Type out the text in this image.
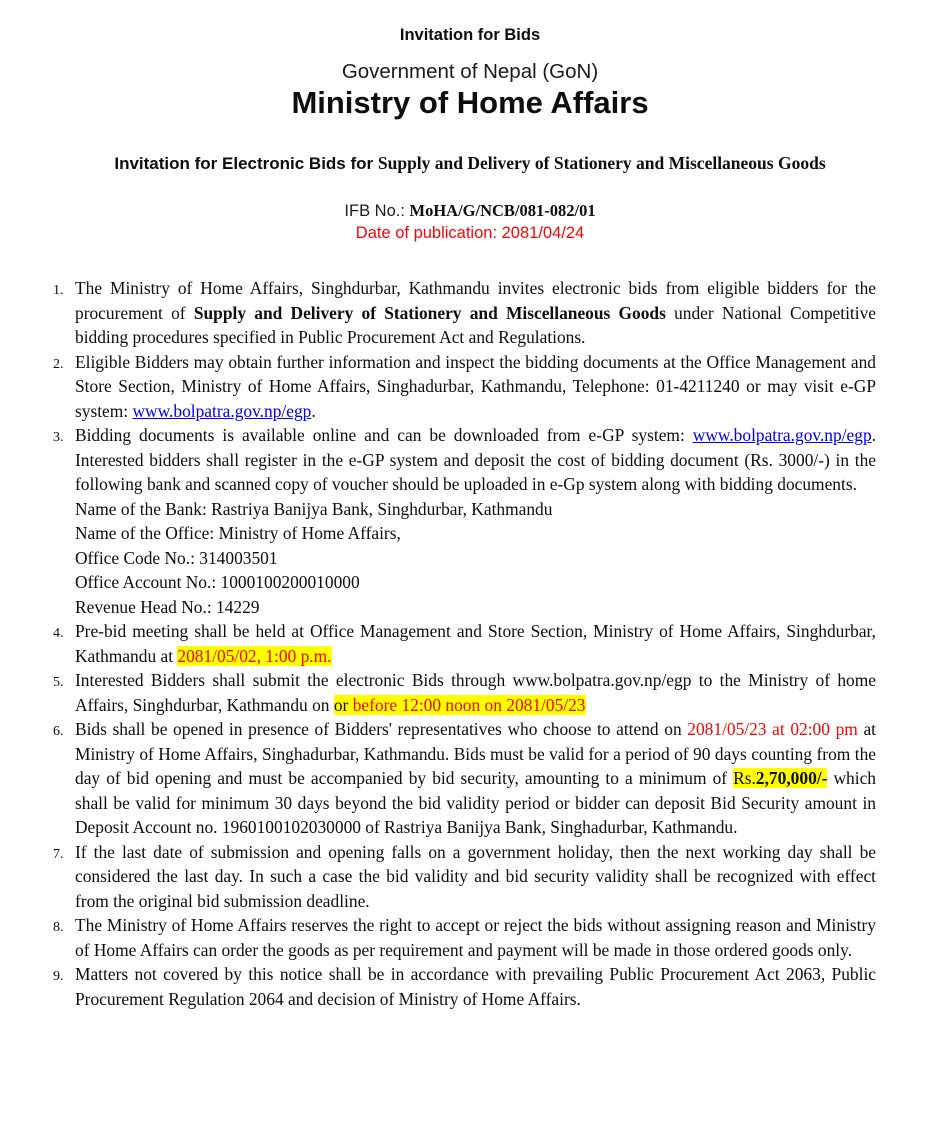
Invitation for Bids
Government of Nepal (GoN)
Ministry of Home Affairs
Invitation for Electronic Bids for Supply and Delivery of Stationery and Miscellaneous Goods
IFB No.: MoHA/G/NCB/081-082/01
Date of publication: 2081/04/24
1. The Ministry of Home Affairs, Singhdurbar, Kathmandu invites electronic bids from eligible bidders for the procurement of Supply and Delivery of Stationery and Miscellaneous Goods under National Competitive bidding procedures specified in Public Procurement Act and Regulations.
2. Eligible Bidders may obtain further information and inspect the bidding documents at the Office Management and Store Section, Ministry of Home Affairs, Singhadurbar, Kathmandu, Telephone: 01-4211240 or may visit e-GP system: www.bolpatra.gov.np/egp.
3. Bidding documents is available online and can be downloaded from e-GP system: www.bolpatra.gov.np/egp. Interested bidders shall register in the e-GP system and deposit the cost of bidding document (Rs. 3000/-) in the following bank and scanned copy of voucher should be uploaded in e-Gp system along with bidding documents.
Name of the Bank: Rastriya Banijya Bank, Singhdurbar, Kathmandu
Name of the Office: Ministry of Home Affairs,
Office Code No.: 314003501
Office Account No.: 1000100200010000
Revenue Head No.: 14229
4. Pre-bid meeting shall be held at Office Management and Store Section, Ministry of Home Affairs, Singhdurbar, Kathmandu at 2081/05/02, 1:00 p.m.
5. Interested Bidders shall submit the electronic Bids through www.bolpatra.gov.np/egp to the Ministry of home Affairs, Singhdurbar, Kathmandu on or before 12:00 noon on 2081/05/23
6. Bids shall be opened in presence of Bidders' representatives who choose to attend on 2081/05/23 at 02:00 pm at Ministry of Home Affairs, Singhadurbar, Kathmandu. Bids must be valid for a period of 90 days counting from the day of bid opening and must be accompanied by bid security, amounting to a minimum of Rs.2,70,000/- which shall be valid for minimum 30 days beyond the bid validity period or bidder can deposit Bid Security amount in Deposit Account no. 1960100102030000 of Rastriya Banijya Bank, Singhadurbar, Kathmandu.
7. If the last date of submission and opening falls on a government holiday, then the next working day shall be considered the last day. In such a case the bid validity and bid security validity shall be recognized with effect from the original bid submission deadline.
8. The Ministry of Home Affairs reserves the right to accept or reject the bids without assigning reason and Ministry of Home Affairs can order the goods as per requirement and payment will be made in those ordered goods only.
9. Matters not covered by this notice shall be in accordance with prevailing Public Procurement Act 2063, Public Procurement Regulation 2064 and decision of Ministry of Home Affairs.
